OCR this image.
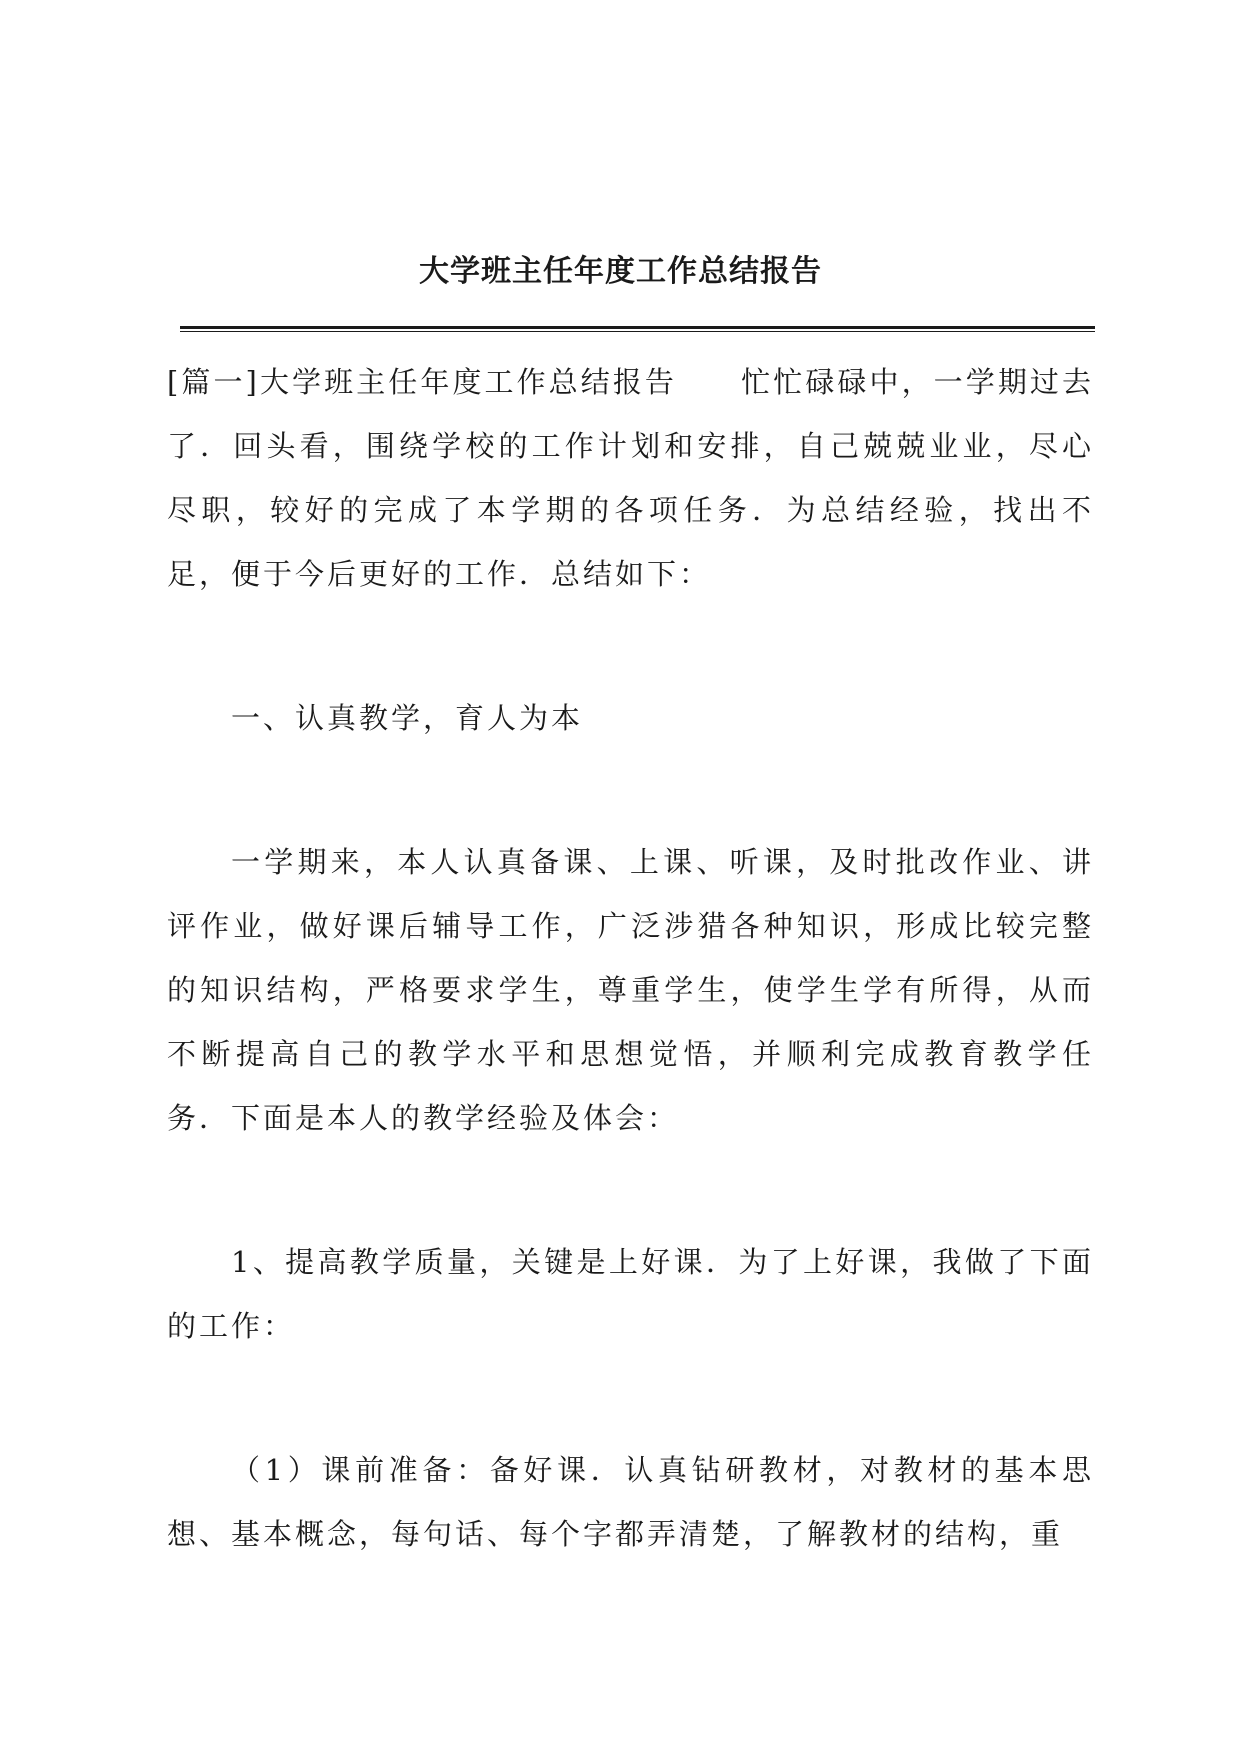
大学班主任年度工作总结报告

[篇一]大学班主任年度工作总结报告　　忙忙碌碌中，一学期过去了．回头看，围绕学校的工作计划和安排，自己兢兢业业，尽心尽职，较好的完成了本学期的各项任务．为总结经验，找出不足，便于今后更好的工作．总结如下：

一、认真教学，育人为本

一学期来，本人认真备课、上课、听课，及时批改作业、讲评作业，做好课后辅导工作，广泛涉猎各种知识，形成比较完整的知识结构，严格要求学生，尊重学生，使学生学有所得，从而不断提高自己的教学水平和思想觉悟，并顺利完成教育教学任务．下面是本人的教学经验及体会：

1、提高教学质量，关键是上好课．为了上好课，我做了下面的工作：

（1）课前准备：备好课．认真钻研教材，对教材的基本思想、基本概念，每句话、每个字都弄清楚，了解教材的结构，重
